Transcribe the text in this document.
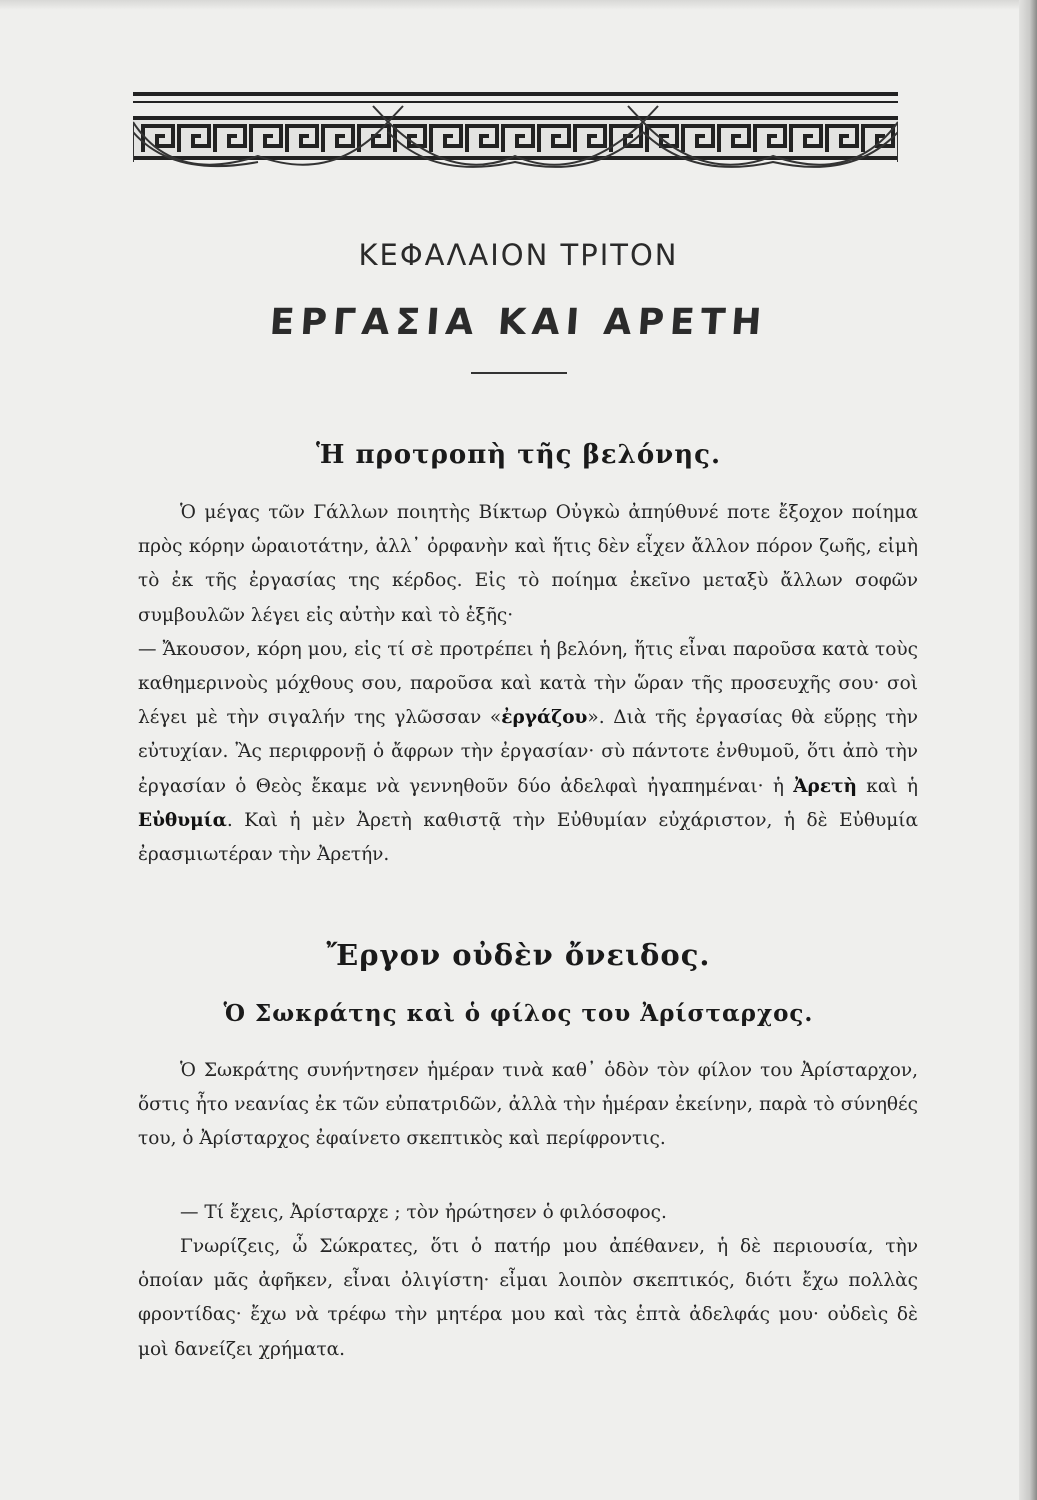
ΚΕΦΑΛΑΙΟΝ ΤΡΙΤΟΝ
ΕΡΓΑΣΙΑ ΚΑΙ ΑΡΕΤΗ
Ἡ προτροπὴ τῆς βελόνης.

Ὁ μέγας τῶν Γάλλων ποιητὴς Βίκτωρ Οὐγκὼ ἀπηύθυνέ ποτε ἔξοχον ποίημα πρὸς κόρην ὡραιοτάτην, ἀλλ᾽ ὀρφανὴν καὶ ἥτις δὲν εἶχεν ἄλλον πόρον ζωῆς, εἰμὴ τὸ ἐκ τῆς ἐργασίας της κέρδος. Εἰς τὸ ποίημα ἐκεῖνο μεταξὺ ἄλλων σοφῶν συμβουλῶν λέγει εἰς αὐτὴν καὶ τὸ ἑξῆς·
— Ἄκουσον, κόρη μου, εἰς τί σὲ προτρέπει ἡ βελόνη, ἥτις εἶναι παροῦσα κατὰ τοὺς καθημερινοὺς μόχθους σου, παροῦσα καὶ κατὰ τὴν ὥραν τῆς προσευχῆς σου· σοὶ λέγει μὲ τὴν σιγαλήν της γλῶσσαν «ἐργάζου». Διὰ τῆς ἐργασίας θὰ εὕρῃς τὴν εὐτυχίαν. Ἂς περιφρονῇ ὁ ἄφρων τὴν ἐργασίαν· σὺ πάντοτε ἐνθυμοῦ, ὅτι ἀπὸ τὴν ἐργασίαν ὁ Θεὸς ἔκαμε νὰ γεννηθοῦν δύο ἀδελφαὶ ἠγαπημέναι· ἡ Ἀρετὴ καὶ ἡ Εὐθυμία. Καὶ ἡ μὲν Ἀρετὴ καθιστᾷ τὴν Εὐθυμίαν εὐχάριστον, ἡ δὲ Εὐθυμία ἐρασμιωτέραν τὴν Ἀρετήν.

Ἔργον οὐδὲν ὄνειδος.
Ὁ Σωκράτης καὶ ὁ φίλος του Ἀρίσταρχος.

Ὁ Σωκράτης συνήντησεν ἡμέραν τινὰ καθ᾽ ὁδὸν τὸν φίλον του Ἀρίσταρχον, ὅστις ἦτο νεανίας ἐκ τῶν εὐπατριδῶν, ἀλλὰ τὴν ἡμέραν ἐκείνην, παρὰ τὸ σύνηθές του, ὁ Ἀρίσταρχος ἐφαίνετο σκεπτικὸς καὶ περίφροντις.

— Τί ἔχεις, Ἀρίσταρχε ; τὸν ἠρώτησεν ὁ φιλόσοφος.

Γνωρίζεις, ὦ Σώκρατες, ὅτι ὁ πατήρ μου ἀπέθανεν, ἡ δὲ περιουσία, τὴν ὁποίαν μᾶς ἀφῆκεν, εἶναι ὀλιγίστη· εἶμαι λοιπὸν σκεπτικός, διότι ἔχω πολλὰς φροντίδας· ἔχω νὰ τρέφω τὴν μητέρα μου καὶ τὰς ἑπτὰ ἀδελφάς μου· οὐδεὶς δὲ μοὶ δανείζει χρήματα.
